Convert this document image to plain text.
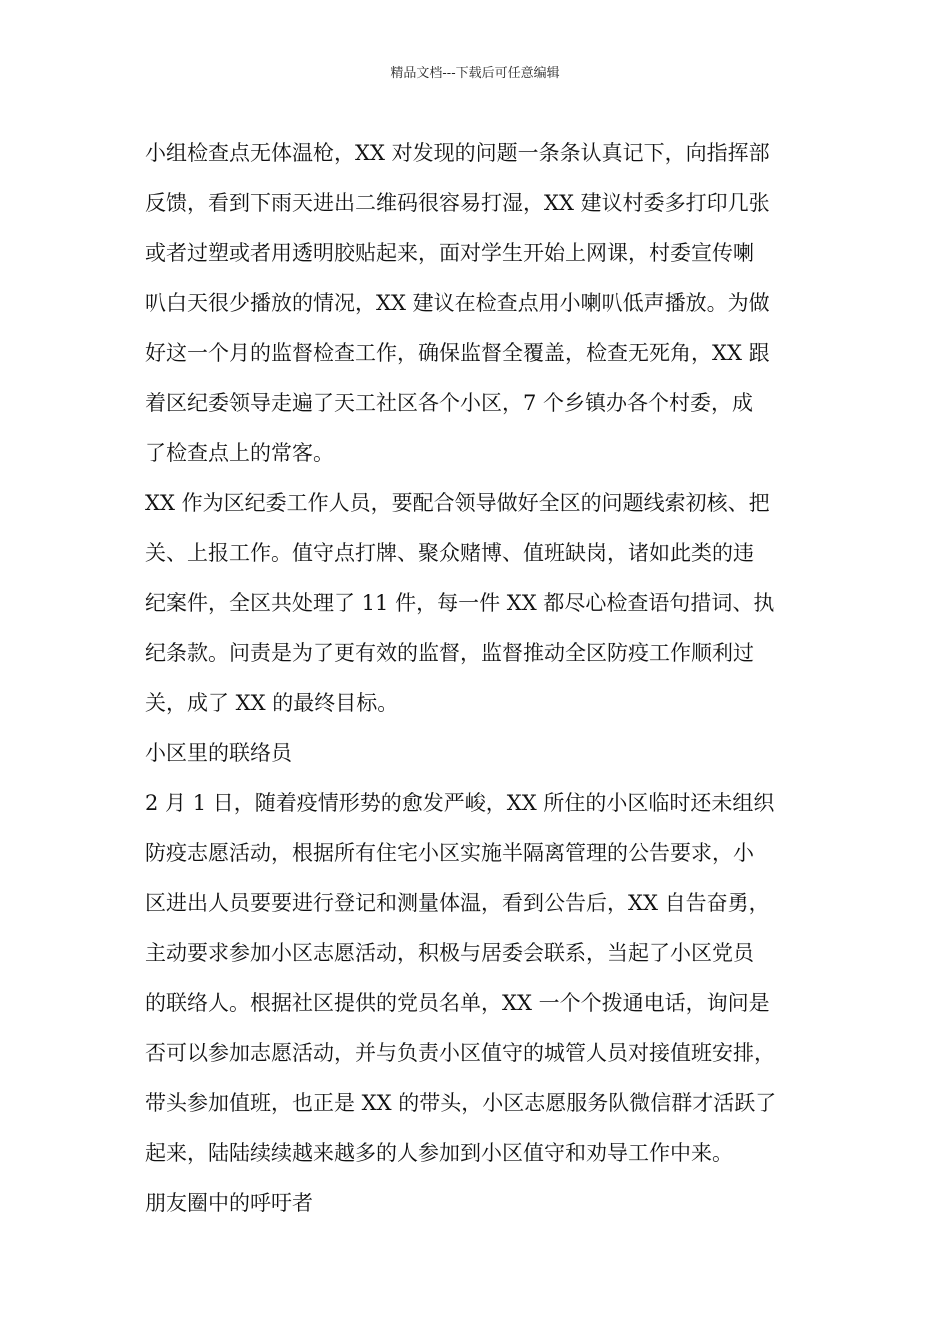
精品文档---下载后可任意编辑
小组检查点无体温枪，XX 对发现的问题一条条认真记下，向指挥部
反馈，看到下雨天进出二维码很容易打湿，XX 建议村委多打印几张
或者过塑或者用透明胶贴起来，面对学生开始上网课，村委宣传喇
叭白天很少播放的情况，XX 建议在检查点用小喇叭低声播放。为做
好这一个月的监督检查工作，确保监督全覆盖，检查无死角，XX 跟
着区纪委领导走遍了天工社区各个小区，7 个乡镇办各个村委，成
了检查点上的常客。
XX 作为区纪委工作人员，要配合领导做好全区的问题线索初核、把
关、上报工作。值守点打牌、聚众赌博、值班缺岗，诸如此类的违
纪案件，全区共处理了 11 件，每一件 XX 都尽心检查语句措词、执
纪条款。问责是为了更有效的监督，监督推动全区防疫工作顺利过
关，成了 XX 的最终目标。
小区里的联络员
2 月 1 日，随着疫情形势的愈发严峻，XX 所住的小区临时还未组织
防疫志愿活动，根据所有住宅小区实施半隔离管理的公告要求，小
区进出人员要要进行登记和测量体温，看到公告后，XX 自告奋勇，
主动要求参加小区志愿活动，积极与居委会联系，当起了小区党员
的联络人。根据社区提供的党员名单，XX 一个个拨通电话，询问是
否可以参加志愿活动，并与负责小区值守的城管人员对接值班安排，
带头参加值班，也正是 XX 的带头，小区志愿服务队微信群才活跃了
起来，陆陆续续越来越多的人参加到小区值守和劝导工作中来。
朋友圈中的呼吁者
